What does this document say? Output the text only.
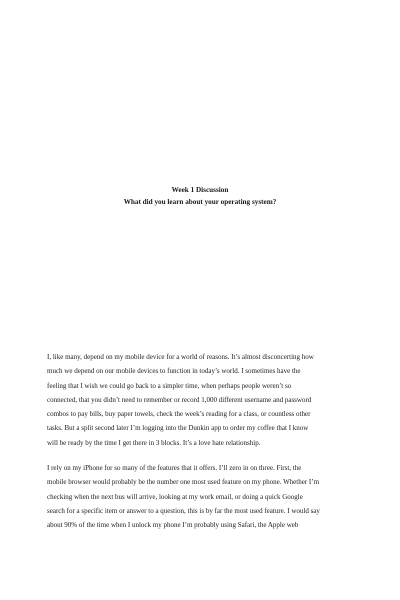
Week 1 Discussion
What did you learn about your operating system?
I, like many, depend on my mobile device for a world of reasons. It’s almost disconcerting how
much we depend on our mobile devices to function in today’s world. I sometimes have the
feeling that I wish we could go back to a simpler time, when perhaps people weren’t so
connected, that you didn’t need to remember or record 1,000 different username and password
combos to pay bills, buy paper towels, check the week’s reading for a class, or countless other
tasks. But a split second later I’m logging into the Dunkin app to order my coffee that I know
will be ready by the time I get there in 3 blocks. It’s a love hate relationship.
I rely on my iPhone for so many of the features that it offers. I’ll zero in on three. First, the
mobile browser would probably be the number one most used feature on my phone. Whether I’m
checking when the next bus will arrive, looking at my work email, or doing a quick Google
search for a specific item or answer to a question, this is by far the most used feature. I would say
about 90% of the time when I unlock my phone I’m probably using Safari, the Apple web
